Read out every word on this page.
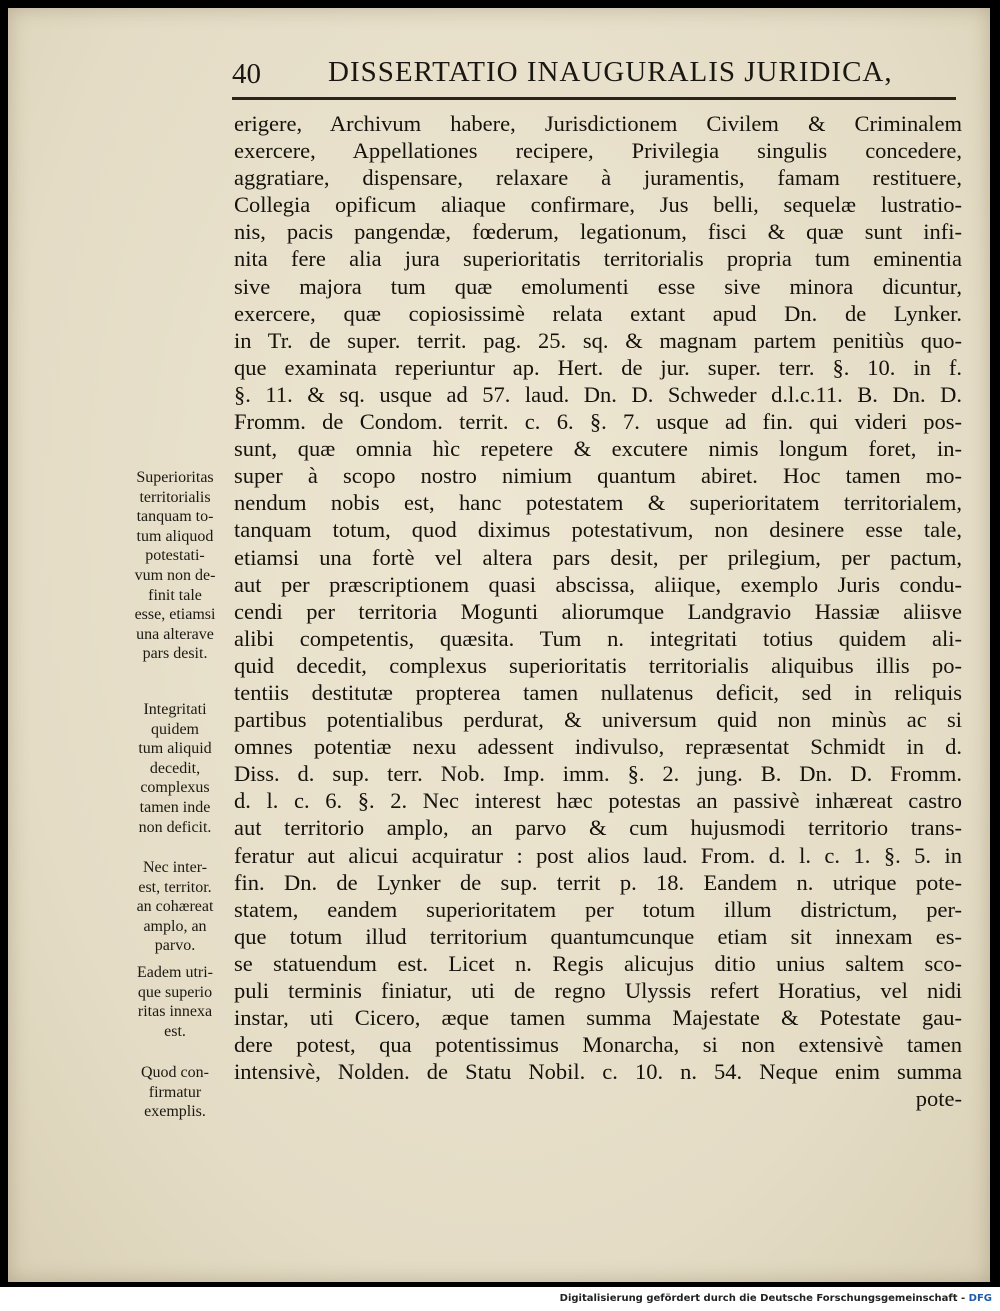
40 DISSERTATIO INAUGURALIS JURIDICA,
erigere, Archivum habere, Jurisdictionem Civilem & Criminalem
exercere, Appellationes recipere, Privilegia singulis concedere,
aggratiare, dispensare, relaxare à juramentis, famam restituere,
Collegia opificum aliaque confirmare, Jus belli, sequelæ lustratio-
nis, pacis pangendæ, fœderum, legationum, fisci & quæ sunt infi-
nita fere alia jura superioritatis territorialis propria tum eminentia
sive majora tum quæ emolumenti esse sive minora dicuntur,
exercere, quæ copiosissimè relata extant apud Dn. de Lynker.
in Tr. de super. territ. pag. 25. sq. & magnam partem penitiùs quo-
que examinata reperiuntur ap. Hert. de jur. super. terr. §. 10. in f.
§. 11. & sq. usque ad 57. laud. Dn. D. Schweder d.l.c.11. B. Dn. D.
Fromm. de Condom. territ. c. 6. §. 7. usque ad fin. qui videri pos-
sunt, quæ omnia hìc repetere & excutere nimis longum foret, in-
super à scopo nostro nimium quantum abiret. Hoc tamen mo-
nendum nobis est, hanc potestatem & superioritatem territorialem,
tanquam totum, quod diximus potestativum, non desinere esse tale,
etiamsi una fortè vel altera pars desit, per prilegium, per pactum,
aut per præscriptionem quasi abscissa, aliique, exemplo Juris condu-
cendi per territoria Mogunti aliorumque Landgravio Hassiæ aliisve
alibi competentis, quæsita. Tum n. integritati totius quidem ali-
quid decedit, complexus superioritatis territorialis aliquibus illis po-
tentiis destitutæ propterea tamen nullatenus deficit, sed in reliquis
partibus potentialibus perdurat, & universum quid non minùs ac si
omnes potentiæ nexu adessent indivulso, repræsentat Schmidt in d.
Diss. d. sup. terr. Nob. Imp. imm. §. 2. jung. B. Dn. D. Fromm.
d. l. c. 6. §. 2. Nec interest hæc potestas an passivè inhæreat castro
aut territorio amplo, an parvo & cum hujusmodi territorio trans-
feratur aut alicui acquiratur : post alios laud. From. d. l. c. 1. §. 5. in
fin. Dn. de Lynker de sup. territ p. 18. Eandem n. utrique pote-
statem, eandem superioritatem per totum illum districtum, per-
que totum illud territorium quantumcunque etiam sit innexam es-
se statuendum est. Licet n. Regis alicujus ditio unius saltem sco-
puli terminis finiatur, uti de regno Ulyssis refert Horatius, vel nidi
instar, uti Cicero, æque tamen summa Majestate & Potestate gau-
dere potest, qua potentissimus Monarcha, si non extensivè tamen
intensivè, Nolden. de Statu Nobil. c. 10. n. 54. Neque enim summa
pote-
Superioritas
territorialis
tanquam to-
tum aliquod
potestati-
vum non de-
finit tale
esse, etiamsi
una alterave
pars desit.
Integritati
quidem
tum aliquid
decedit,
complexus
tamen inde
non deficit.
Nec inter-
est, territor.
an cohæreat
amplo, an
parvo.
Eadem utri-
que superio
ritas innexa
est.
Quod con-
firmatur
exemplis.
Digitalisierung gefördert durch die Deutsche Forschungsgemeinschaft - DFG
